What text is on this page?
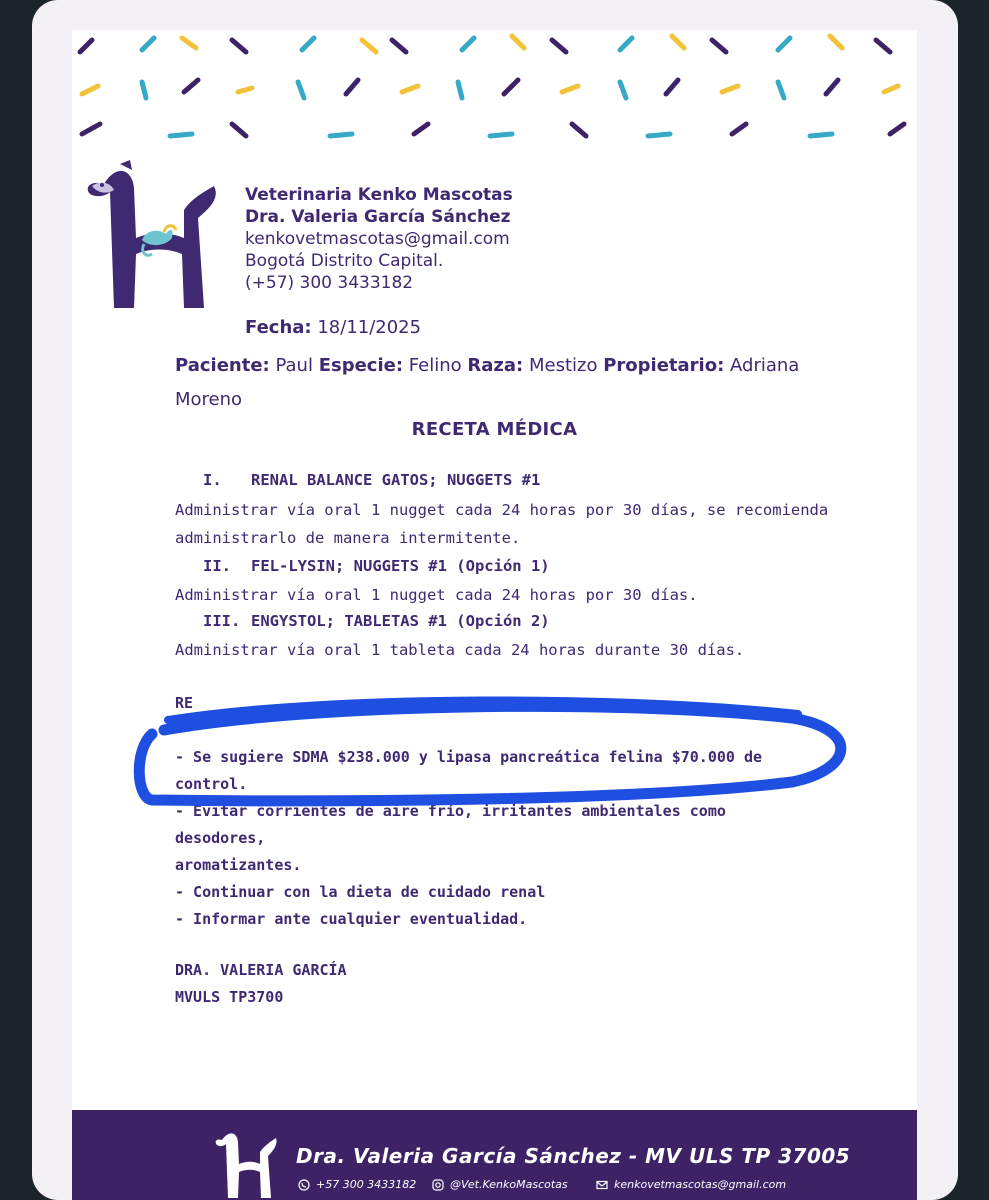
Veterinaria Kenko Mascotas
Dra. Valeria García Sánchez
kenkovetmascotas@gmail.com
Bogotá Distrito Capital.
(+57) 300 3433182
Fecha: 18/11/2025
Paciente: Paul Especie: Felino Raza: Mestizo Propietario: Adriana Moreno
RECETA MÉDICA
I. RENAL BALANCE GATOS; NUGGETS #1
Administrar vía oral 1 nugget cada 24 horas por 30 días, se recomienda
administrarlo de manera intermitente.
II. FEL-LYSIN; NUGGETS #1 (Opción 1)
Administrar vía oral 1 nugget cada 24 horas por 30 días.
III. ENGYSTOL; TABLETAS #1 (Opción 2)
Administrar vía oral 1 tableta cada 24 horas durante 30 días.
RE
- Se sugiere SDMA $238.000 y lipasa pancreática felina $70.000 de
control.
- Evitar corrientes de aire frío, irritantes ambientales como desodores,
aromatizantes.
- Continuar con la dieta de cuidado renal
- Informar ante cualquier eventualidad.
DRA. VALERIA GARCÍA
MVULS TP3700
Dra. Valeria García Sánchez - MV ULS TP 37005
+57 300 3433182	@Vet.KenkoMascotas	kenkovetmascotas@gmail.com
